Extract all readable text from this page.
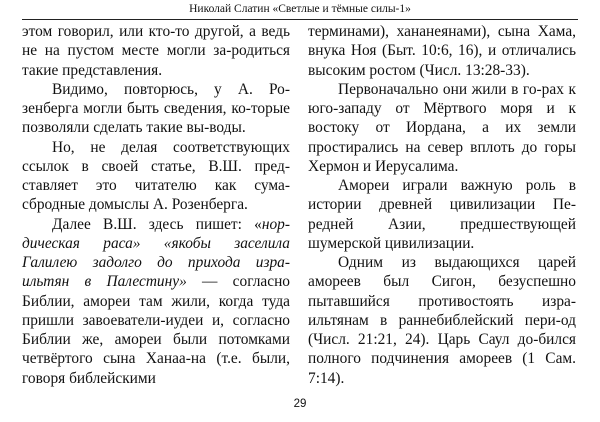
Николай Слатин «Светлые и тёмные силы-1»

этом говорил, или кто-то другой, а ведь не на пустом месте могли за-родиться такие представления.

Видимо, повторюсь, у А. Ро-зенберга могли быть сведения, ко-торые позволяли сделать такие вы-воды.

Но, не делая соответствующих ссылок в своей статье, В.Ш. пред-ставляет это читателю как сума-сбродные домыслы А. Розенберга.

Далее В.Ш. здесь пишет: «нор-дическая раса» «якобы заселила Галилею задолго до прихода изра-ильтян в Палестину» — согласно Библии, амореи там жили, когда туда пришли завоеватели-иудеи и, согласно Библии же, амореи были потомками четвёртого сына Ханаа-на (т.е. были, говоря библейскими

терминами), хананеянами), сына Хама, внука Ноя (Быт. 10:6, 16), и отличались высоким ростом (Числ. 13:28-33).

Первоначально они жили в го-рах к юго-западу от Мёртвого моря и к востоку от Иордана, а их земли простирались на север вплоть до горы Хермон и Иерусалима.

Амореи играли важную роль в истории древней цивилизации Пе-редней Азии, предшествующей шумерской цивилизации.

Одним из выдающихся царей амореев был Сигон, безуспешно пытавшийся противостоять изра-ильтянам в раннебиблейский пери-од (Числ. 21:21, 24). Царь Саул до-бился полного подчинения амореев (1 Сам. 7:14).

29
